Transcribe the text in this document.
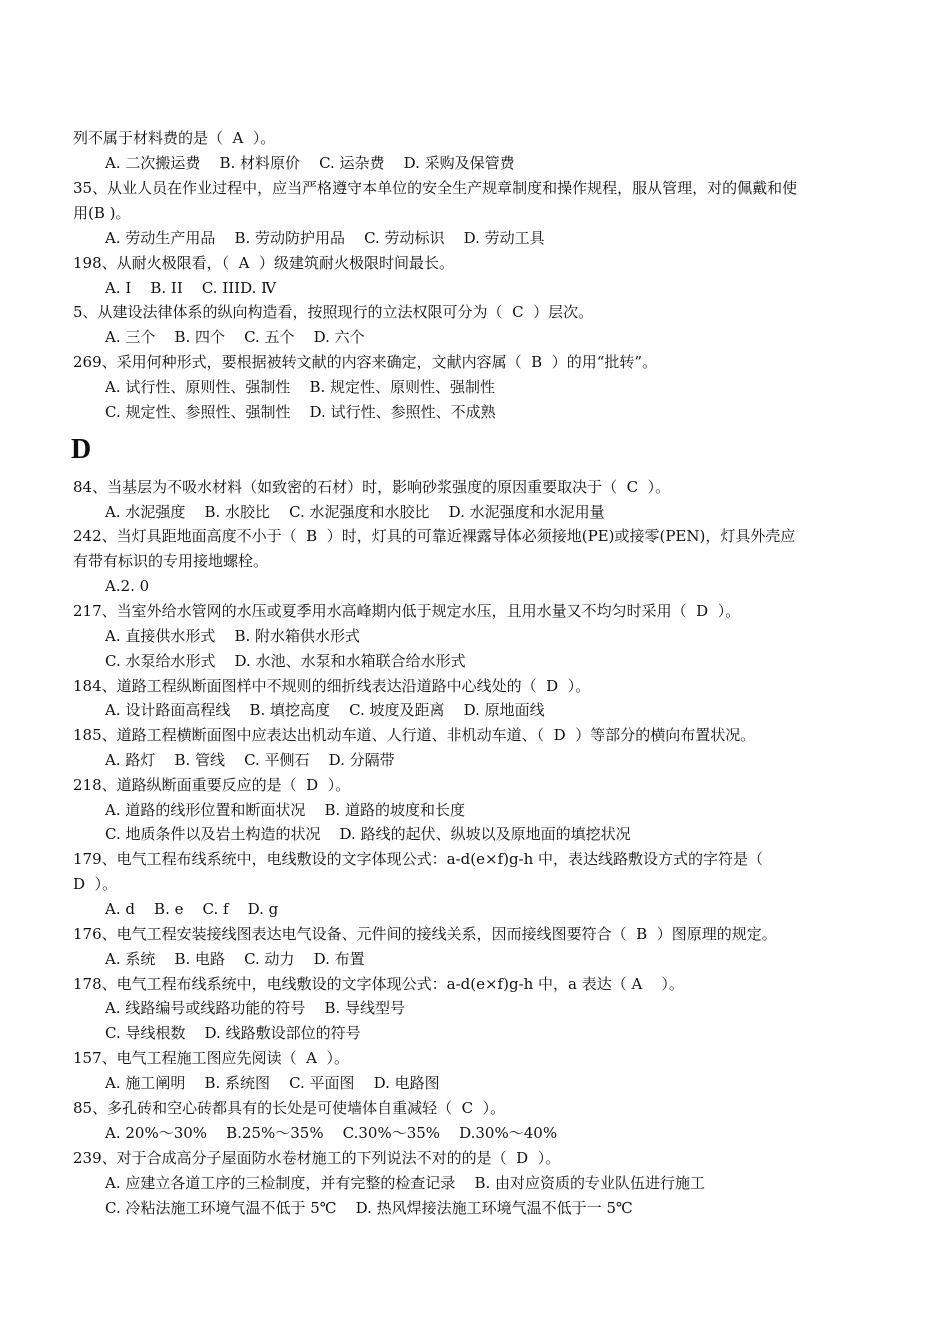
列不属于材料费的是（  A  ）。
A. 二次搬运费    B. 材料原价    C. 运杂费    D. 采购及保管费
35、从业人员在作业过程中，应当严格遵守本单位的安全生产规章制度和操作规程，服从管理，对的佩戴和使
用(B )。
A. 劳动生产用品    B. 劳动防护用品    C. 劳动标识    D. 劳动工具
198、从耐火极限看，（  A  ）级建筑耐火极限时间最长。
A. I    B. II    C. IIID. Ⅳ
5、从建设法律体系的纵向构造看，按照现行的立法权限可分为（  C  ）层次。
A. 三个    B. 四个    C. 五个    D. 六个
269、采用何种形式，要根据被转文献的内容来确定，文献内容属（  B  ）的用“批转”。
A. 试行性、原则性、强制性    B. 规定性、原则性、强制性
C. 规定性、参照性、强制性    D. 试行性、参照性、不成熟
D
84、当基层为不吸水材料（如致密的石材）时，影响砂浆强度的原因重要取决于（  C  ）。
A. 水泥强度    B. 水胶比    C. 水泥强度和水胶比    D. 水泥强度和水泥用量
242、当灯具距地面高度不小于（  B  ）时，灯具的可靠近裸露导体必须接地(PE)或接零(PEN)，灯具外壳应
有带有标识的专用接地螺栓。
A.2. 0
217、当室外给水管网的水压或夏季用水高峰期内低于规定水压，且用水量又不均匀时采用（  D  ）。
A. 直接供水形式    B. 附水箱供水形式
C. 水泵给水形式    D. 水池、水泵和水箱联合给水形式
184、道路工程纵断面图样中不规则的细折线表达沿道路中心线处的（  D  ）。
A. 设计路面高程线    B. 填挖高度    C. 坡度及距离    D. 原地面线
185、道路工程横断面图中应表达出机动车道、人行道、非机动车道、（  D  ）等部分的横向布置状况。
A. 路灯    B. 管线    C. 平侧石    D. 分隔带
218、道路纵断面重要反应的是（  D  ）。
A. 道路的线形位置和断面状况    B. 道路的坡度和长度
C. 地质条件以及岩土构造的状况    D. 路线的起伏、纵坡以及原地面的填挖状况
179、电气工程布线系统中，电线敷设的文字体现公式：a-d(e×f)g-h 中，表达线路敷设方式的字符是（
D  ）。
A. d    B. e    C. f    D. g
176、电气工程安装接线图表达电气设备、元件间的接线关系，因而接线图要符合（  B  ）图原理的规定。
A. 系统    B. 电路    C. 动力    D. 布置
178、电气工程布线系统中，电线敷设的文字体现公式：a-d(e×f)g-h 中，a 表达（ A    ）。
A. 线路编号或线路功能的符号    B. 导线型号
C. 导线根数    D. 线路敷设部位的符号
157、电气工程施工图应先阅读（  A  ）。
A. 施工阐明    B. 系统图    C. 平面图    D. 电路图
85、多孔砖和空心砖都具有的长处是可使墙体自重减轻（  C  ）。
A. 20%～30%    B.25%～35%    C.30%～35%    D.30%～40%
239、对于合成高分子屋面防水卷材施工的下列说法不对的的是（  D  ）。
A. 应建立各道工序的三检制度，并有完整的检查记录    B. 由对应资质的专业队伍进行施工
C. 冷粘法施工环境气温不低于 5℃    D. 热风焊接法施工环境气温不低于一 5℃
